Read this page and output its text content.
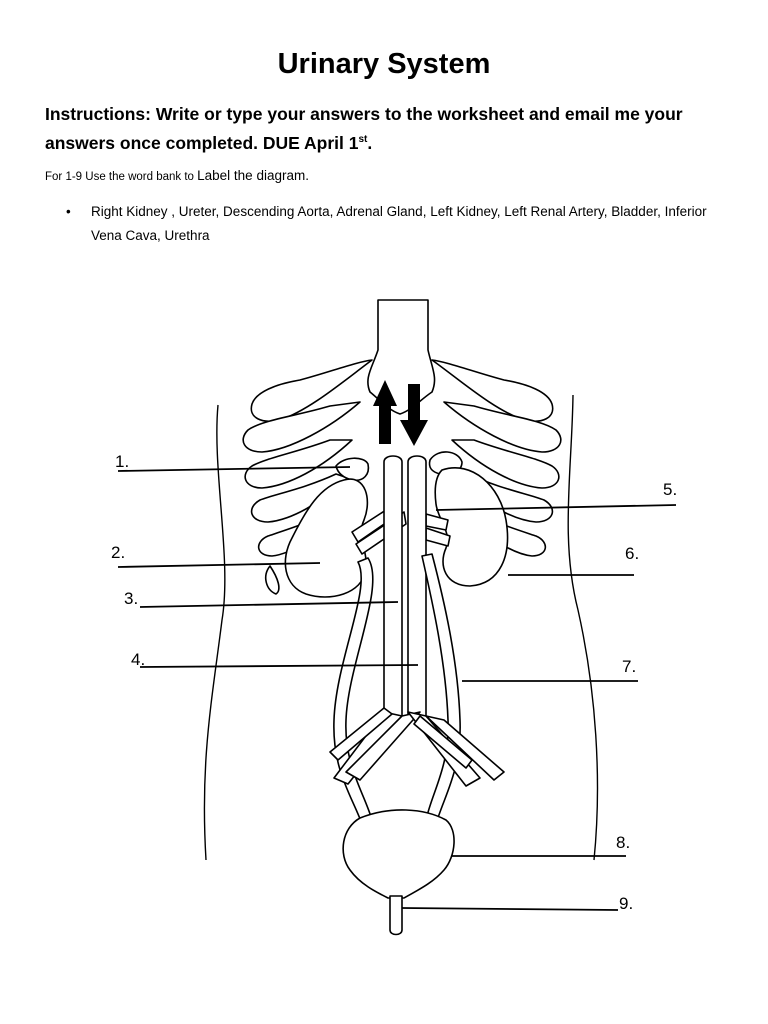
Urinary System

Instructions: Write or type your answers to the worksheet and email me your answers once completed. DUE April 1st.

For 1-9 Use the word bank to Label the diagram.

• Right Kidney , Ureter, Descending Aorta, Adrenal Gland, Left Kidney, Left Renal Artery, Bladder, Inferior Vena Cava, Urethra
1.
2.
3.
4.
5.
6.
7.
8.
9.
